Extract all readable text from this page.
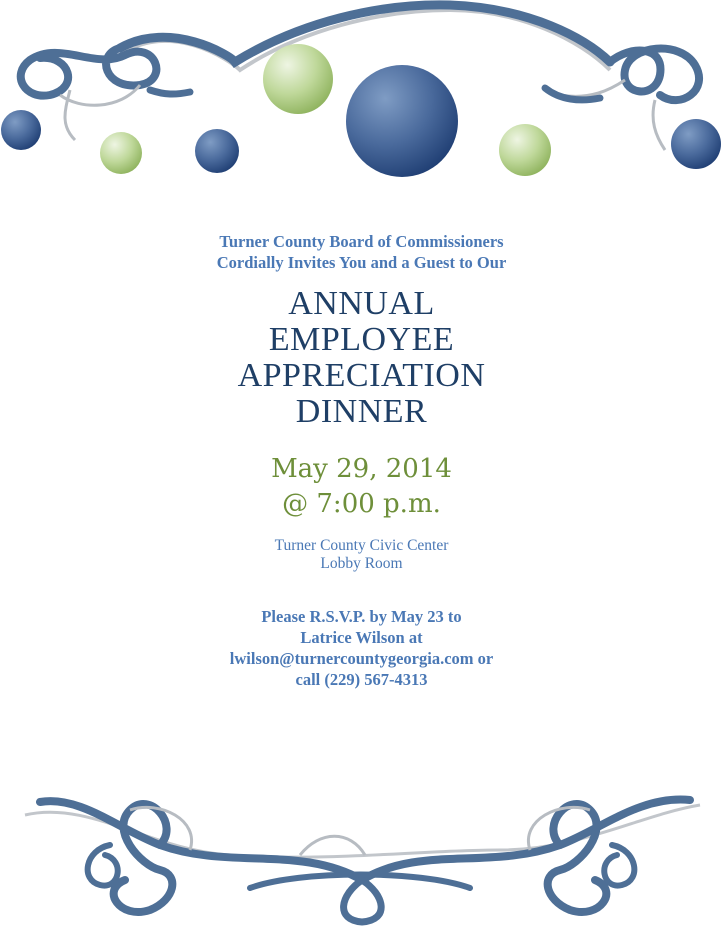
Turner County Board of Commissioners
Cordially Invites You and a Guest to Our
ANNUAL
EMPLOYEE
APPRECIATION
DINNER
May 29, 2014
@ 7:00 p.m.
Turner County Civic Center
Lobby Room
Please R.S.V.P. by May 23 to
Latrice Wilson at
lwilson@turnercountygeorgia.com or
call (229) 567-4313
